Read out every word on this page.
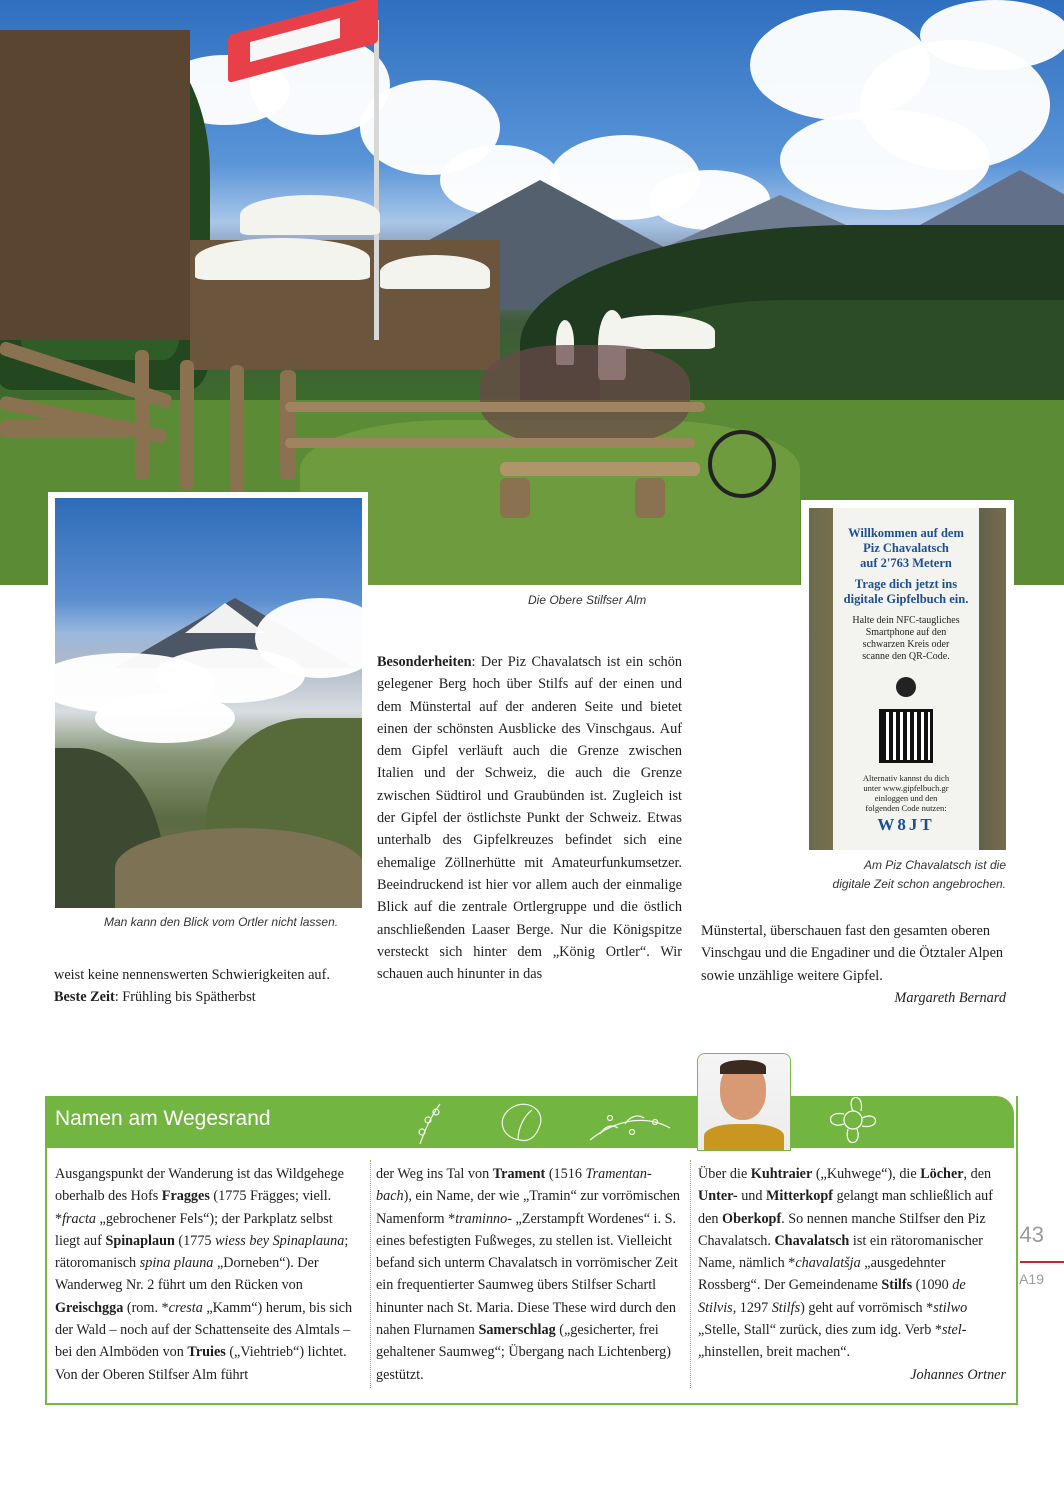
Man kann den Blick vom Ortler nicht lassen.
Willkommen auf dem
Piz Chavalatsch
auf 2'763 Metern
Trage dich jetzt ins
digitale Gipfelbuch ein.
Halte dein NFC-taugliches
Smartphone auf den
schwarzen Kreis oder
scanne den QR-Code.
Alternativ kannst du dich
unter www.gipfelbuch.gr
einloggen und den
folgenden Code nutzen:
W8JT
Am Piz Chavalatsch ist die
digitale Zeit schon angebrochen.
Die Obere Stilfser Alm
weist keine nennenswerten Schwierigkeiten auf.
Beste Zeit: Frühling bis Spätherbst
Besonderheiten: Der Piz Chavalatsch ist ein schön gelegener Berg hoch über Stilfs auf der einen und dem Münstertal auf der anderen Seite und bietet einen der schönsten Ausblicke des Vinschgaus. Auf dem Gipfel verläuft auch die Grenze zwischen Italien und der Schweiz, die auch die Grenze zwischen Südtirol und Graubünden ist. Zugleich ist der Gipfel der östlichste Punkt der Schweiz. Etwas unterhalb des Gipfelkreuzes befindet sich eine ehemalige Zöllnerhütte mit Amateurfunkumsetzer. Beeindruckend ist hier vor allem auch der einmalige Blick auf die zentrale Ortlergruppe und die östlich anschließenden Laaser Berge. Nur die Königspitze versteckt sich hinter dem „König Ortler“. Wir schauen auch hinunter in das
Münstertal, überschauen fast den gesamten oberen Vinschgau und die Engadiner und die Ötztaler Alpen sowie unzählige weitere Gipfel.
Margareth Bernard
Namen am Wegesrand
Ausgangspunkt der Wanderung ist das Wildgehege oberhalb des Hofs Fragges (1775 Frägges; viell. *fracta „gebrochener Fels“); der Parkplatz selbst liegt auf Spinaplaun (1775 wiess bey Spinaplauna; rätoromanisch spina plauna „Dorneben“). Der Wanderweg Nr. 2 führt um den Rücken von Greischgga (rom. *cresta „Kamm“) herum, bis sich der Wald – noch auf der Schattenseite des Almtals – bei den Almböden von Truies („Viehtrieb“) lichtet. Von der Oberen Stilfser Alm führt
der Weg ins Tal von Trament (1516 Tramentanbach), ein Name, der wie „Tramin“ zur vorrömischen Namenform *traminno- „Zerstampft Wordenes“ i. S. eines befestigten Fußweges, zu stellen ist. Vielleicht befand sich unterm Chavalatsch in vorrömischer Zeit ein frequentierter Saumweg übers Stilfser Schartl hinunter nach St. Maria. Diese These wird durch den nahen Flurnamen Samerschlag („gesicherter, frei gehaltener Saumweg“; Übergang nach Lichtenberg) gestützt.
Über die Kuhtraier („Kuhwege“), die Löcher, den Unter- und Mitterkopf gelangt man schließlich auf den Oberkopf. So nennen manche Stilfser den Piz Chavalatsch. Chavalatsch ist ein rätoromanischer Name, nämlich *chavalatšja „ausgedehnter Rossberg“. Der Gemeindename Stilfs (1090 de Stilvis, 1297 Stilfs) geht auf vorrömisch *stilwo „Stelle, Stall“ zurück, dies zum idg. Verb *stel- „hinstellen, breit machen“.
Johannes Ortner
43
A19
